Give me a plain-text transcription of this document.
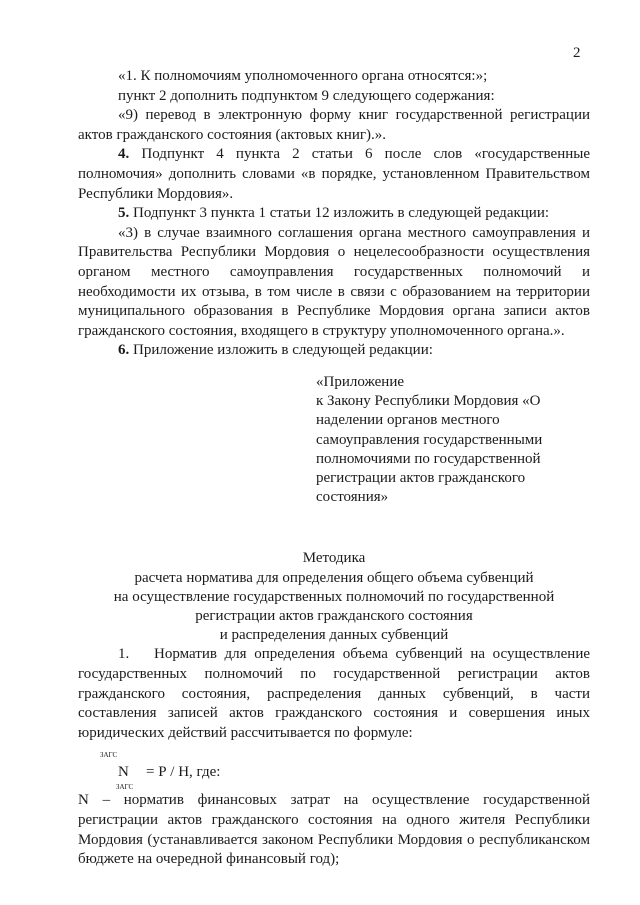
2

«1. К полномочиям уполномоченного органа относятся:»;

пункт 2 дополнить подпунктом 9 следующего содержания:

«9) перевод в электронную форму книг государственной регистрации актов гражданского состояния (актовых книг).».

4. Подпункт 4 пункта 2 статьи 6 после слов «государственные полномочия» дополнить словами «в порядке, установленном Правительством Республики Мордовия».

5. Подпункт 3 пункта 1 статьи 12 изложить в следующей редакции:

«3) в случае взаимного соглашения органа местного самоуправления и Правительства Республики Мордовия о нецелесообразности осуществления органом местного самоуправления государственных полномочий и необходимости их отзыва, в том числе в связи с образованием на территории муниципального образования в Республике Мордовия органа записи актов гражданского состояния, входящего в структуру уполномоченного органа.».

6. Приложение изложить в следующей редакции:

«Приложение
к Закону Республики Мордовия «О
наделении органов местного
самоуправления государственными
полномочиями по государственной
регистрации актов гражданского
состояния»
Методика
расчета норматива для определения общего объема субвенций
на осуществление государственных полномочий по государственной
регистрации актов гражданского состояния
и распределения данных субвенций

1. Норматив для определения объема субвенций на осуществление государственных полномочий по государственной регистрации актов гражданского состояния, распределения данных субвенций, в части составления записей актов гражданского состояния и совершения иных юридических действий рассчитывается по формуле:

ЗАГС
N
ЗАГС
= Р / Н, где:

N – норматив финансовых затрат на осуществление государственной регистрации актов гражданского состояния на одного жителя Республики Мордовия (устанавливается законом Республики Мордовия о республиканском бюджете на очередной финансовый год);
